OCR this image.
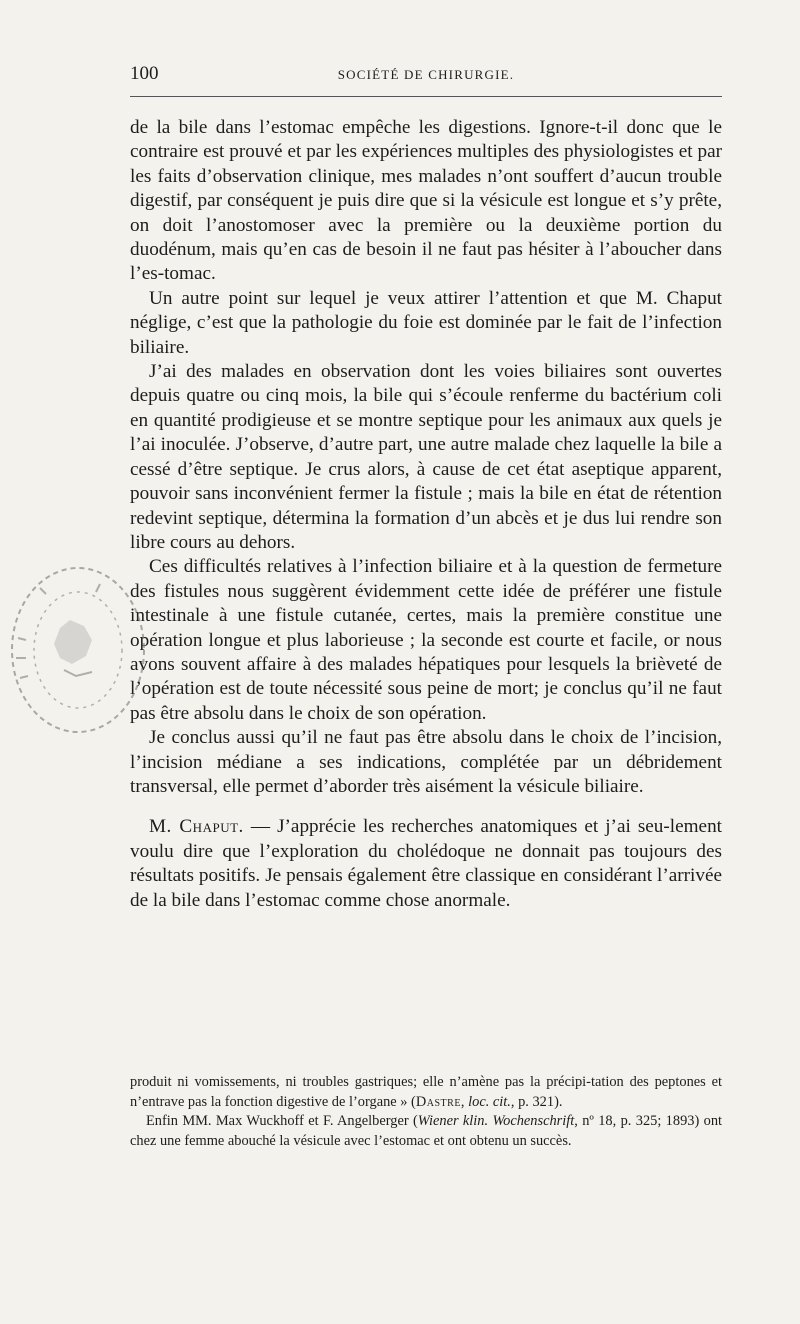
100	SOCIÉTÉ DE CHIRURGIE.

de la bile dans l’estomac empêche les digestions. Ignore-t-il donc que le contraire est prouvé et par les expériences multiples des physiologistes et par les faits d’observation clinique, mes malades n’ont souffert d’aucun trouble digestif, par conséquent je puis dire que si la vésicule est longue et s’y prête, on doit l’anostomoser avec la première ou la deuxième portion du duodénum, mais qu’en cas de besoin il ne faut pas hésiter à l’aboucher dans l’es-tomac.

Un autre point sur lequel je veux attirer l’attention et que M. Chaput néglige, c’est que la pathologie du foie est dominée par le fait de l’infection biliaire.

J’ai des malades en observation dont les voies biliaires sont ouvertes depuis quatre ou cinq mois, la bile qui s’écoule renferme du bactérium coli en quantité prodigieuse et se montre septique pour les animaux aux quels je l’ai inoculée. J’observe, d’autre part, une autre malade chez laquelle la bile a cessé d’être septique. Je crus alors, à cause de cet état aseptique apparent, pouvoir sans inconvénient fermer la fistule ; mais la bile en état de rétention redevint septique, détermina la formation d’un abcès et je dus lui rendre son libre cours au dehors.

Ces difficultés relatives à l’infection biliaire et à la question de fermeture des fistules nous suggèrent évidemment cette idée de préférer une fistule intestinale à une fistule cutanée, certes, mais la première constitue une opération longue et plus laborieuse ; la seconde est courte et facile, or nous avons souvent affaire à des malades hépatiques pour lesquels la brièveté de l’opération est de toute nécessité sous peine de mort; je conclus qu’il ne faut pas être absolu dans le choix de son opération.

Je conclus aussi qu’il ne faut pas être absolu dans le choix de l’incision, l’incision médiane a ses indications, complétée par un débridement transversal, elle permet d’aborder très aisément la vésicule biliaire.

M. Chaput. — J’apprécie les recherches anatomiques et j’ai seu-lement voulu dire que l’exploration du cholédoque ne donnait pas toujours des résultats positifs. Je pensais également être classique en considérant l’arrivée de la bile dans l’estomac comme chose anormale.

produit ni vomissements, ni troubles gastriques; elle n’amène pas la précipi-tation des peptones et n’entrave pas la fonction digestive de l’organe » (Dastre, loc. cit., p. 321).

Enfin MM. Max Wuckhoff et F. Angelberger (Wiener klin. Wochenschrift, nº 18, p. 325; 1893) ont chez une femme abouché la vésicule avec l’estomac et ont obtenu un succès.
